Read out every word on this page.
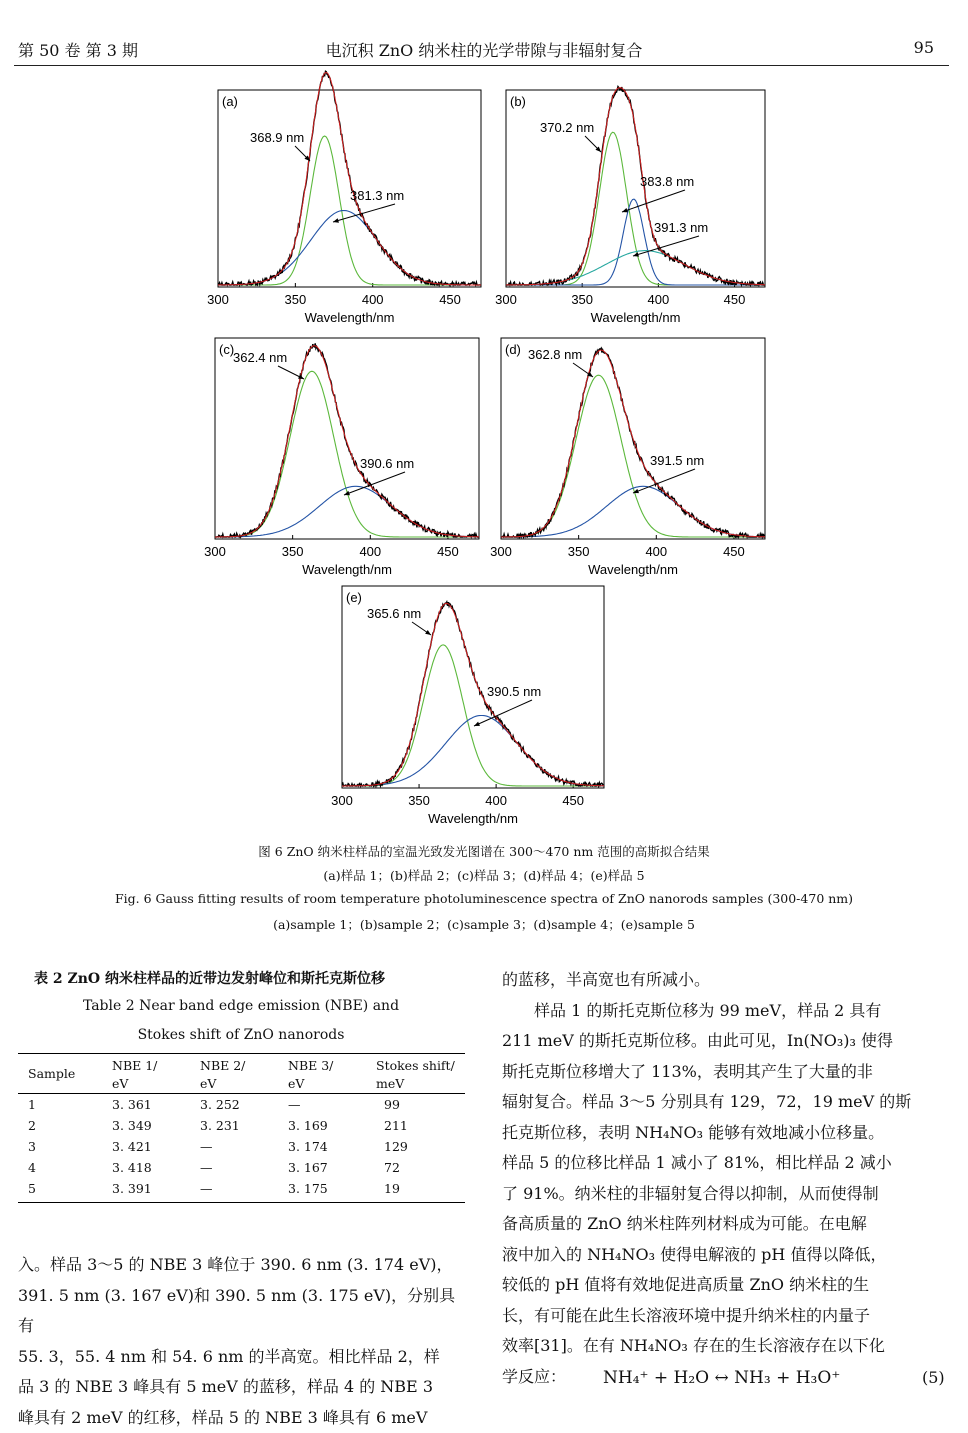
第 50 卷 第 3 期	电沉积 ZnO 纳米柱的光学带隙与非辐射复合	95
300	350	400	450
Wavelength/nm
(a)
368.9 nm
381.3 nm
300	350	400	450
Wavelength/nm
(b)
370.2 nm
383.8 nm
391.3 nm
300	350	400	450
Wavelength/nm
(c)
362.4 nm
390.6 nm
300	350	400	450
Wavelength/nm
(d) 362.8 nm
391.5 nm
300	350	400	450
Wavelength/nm
(e)
365.6 nm
390.5 nm
图 6 ZnO 纳米柱样品的室温光致发光图谱在 300～470 nm 范围的高斯拟合结果
(a)样品 1；(b)样品 2；(c)样品 3；(d)样品 4；(e)样品 5
Fig. 6 Gauss fitting results of room temperature photoluminescence spectra of ZnO nanorods samples (300-470 nm)
(a)sample 1；(b)sample 2；(c)sample 3；(d)sample 4；(e)sample 5
表 2 ZnO 纳米柱样品的近带边发射峰位和斯托克斯位移
Table 2 Near band edge emission (NBE) and
Stokes shift of ZnO nanorods
Sample	NBE 1/	NBE 2/	NBE 3/	Stokes shift/
	eV	eV	eV	meV
1	3. 361	3. 252	—	99
2	3. 349	3. 231	3. 169	211
3	3. 421	—	3. 174	129
4	3. 418	—	3. 167	72
5	3. 391	—	3. 175	19
入。样品 3～5 的 NBE 3 峰位于 390. 6 nm (3. 174 eV)，
391. 5 nm (3. 167 eV)和 390. 5 nm (3. 175 eV)，分别具有
55. 3，55. 4 nm 和 54. 6 nm 的半高宽。相比样品 2，样
品 3 的 NBE 3 峰具有 5 meV 的蓝移，样品 4 的 NBE 3
峰具有 2 meV 的红移，样品 5 的 NBE 3 峰具有 6 meV
的蓝移，半高宽也有所减小。
　　样品 1 的斯托克斯位移为 99 meV，样品 2 具有
211 meV 的斯托克斯位移。由此可见，In(NO₃)₃ 使得
斯托克斯位移增大了 113%，表明其产生了大量的非
辐射复合。样品 3～5 分别具有 129，72，19 meV 的斯
托克斯位移，表明 NH₄NO₃ 能够有效地减小位移量。
样品 5 的位移比样品 1 减小了 81%，相比样品 2 减小
了 91%。纳米柱的非辐射复合得以抑制，从而使得制
备高质量的 ZnO 纳米柱阵列材料成为可能。在电解
液中加入的 NH₄NO₃ 使得电解液的 pH 值得以降低，
较低的 pH 值将有效地促进高质量 ZnO 纳米柱的生
长，有可能在此生长溶液环境中提升纳米柱的内量子
效率[31]。在有 NH₄NO₃ 存在的生长溶液存在以下化
学反应：	NH₄⁺ + H₂O ↔ NH₃ + H₃O⁺	(5)
